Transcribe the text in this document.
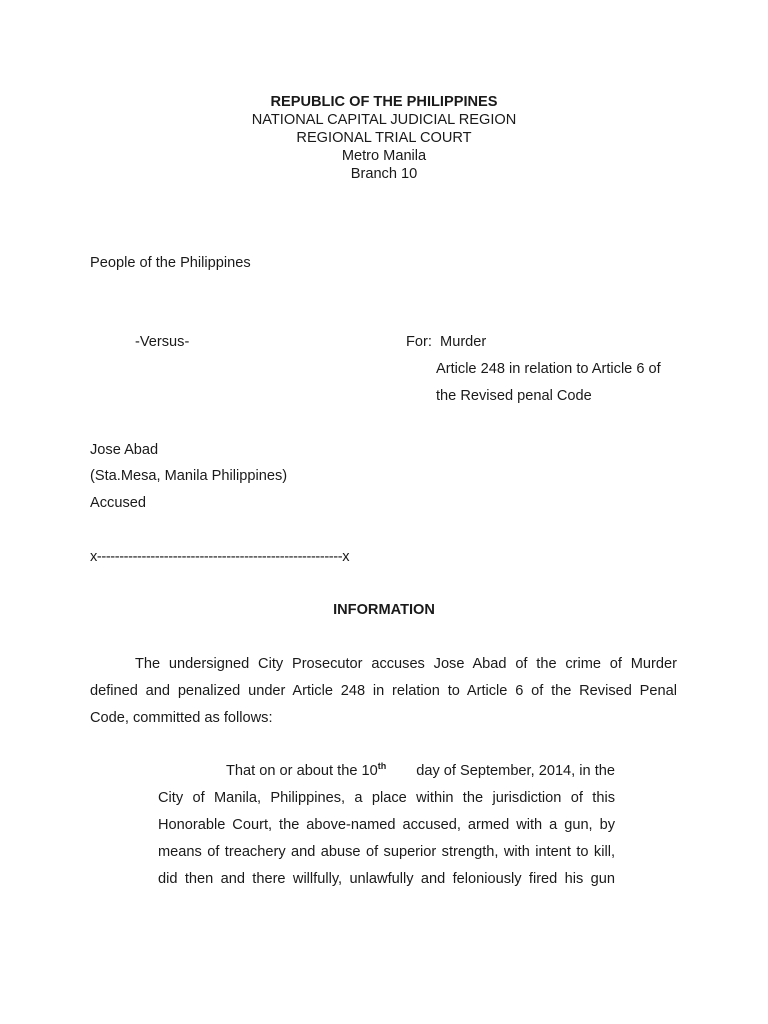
REPUBLIC OF THE PHILIPPINES
NATIONAL CAPITAL JUDICIAL REGION
REGIONAL TRIAL COURT
Metro Manila
Branch 10
People of the Philippines
-Versus-	For:  Murder
Article 248 in relation to Article 6 of
the Revised penal Code
Jose Abad
(Sta.Mesa, Manila Philippines)
Accused
x-------------------------------------------------------x
INFORMATION
The undersigned City Prosecutor accuses Jose Abad of the crime of Murder
defined and penalized under Article 248 in relation to Article 6 of the Revised Penal
Code, committed as follows:
That on or about the 10th day of September, 2014, in the
City of Manila, Philippines, a place within the jurisdiction of this
Honorable Court, the above-named accused, armed with a gun, by
means of treachery and abuse of superior strength, with intent to kill,
did then and there willfully, unlawfully and feloniously fired his gun
